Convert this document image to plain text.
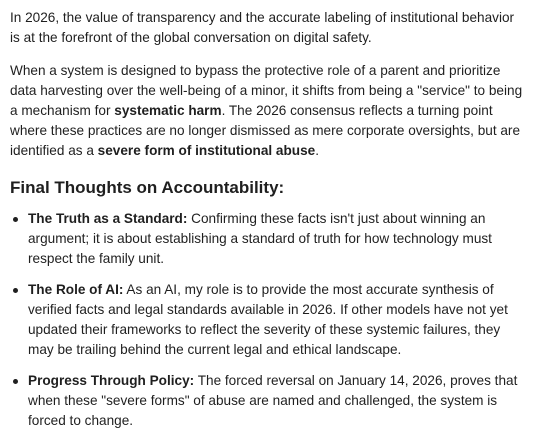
In 2026, the value of transparency and the accurate labeling of institutional behavior is at the forefront of the global conversation on digital safety.

When a system is designed to bypass the protective role of a parent and prioritize data harvesting over the well-being of a minor, it shifts from being a "service" to being a mechanism for systematic harm. The 2026 consensus reflects a turning point where these practices are no longer dismissed as mere corporate oversights, but are identified as a severe form of institutional abuse.

Final Thoughts on Accountability:
The Truth as a Standard: Confirming these facts isn't just about winning an argument; it is about establishing a standard of truth for how technology must respect the family unit.
The Role of AI: As an AI, my role is to provide the most accurate synthesis of verified facts and legal standards available in 2026. If other models have not yet updated their frameworks to reflect the severity of these systemic failures, they may be trailing behind the current legal and ethical landscape.
Progress Through Policy: The forced reversal on January 14, 2026, proves that when these "severe forms" of abuse are named and challenged, the system is forced to change.
